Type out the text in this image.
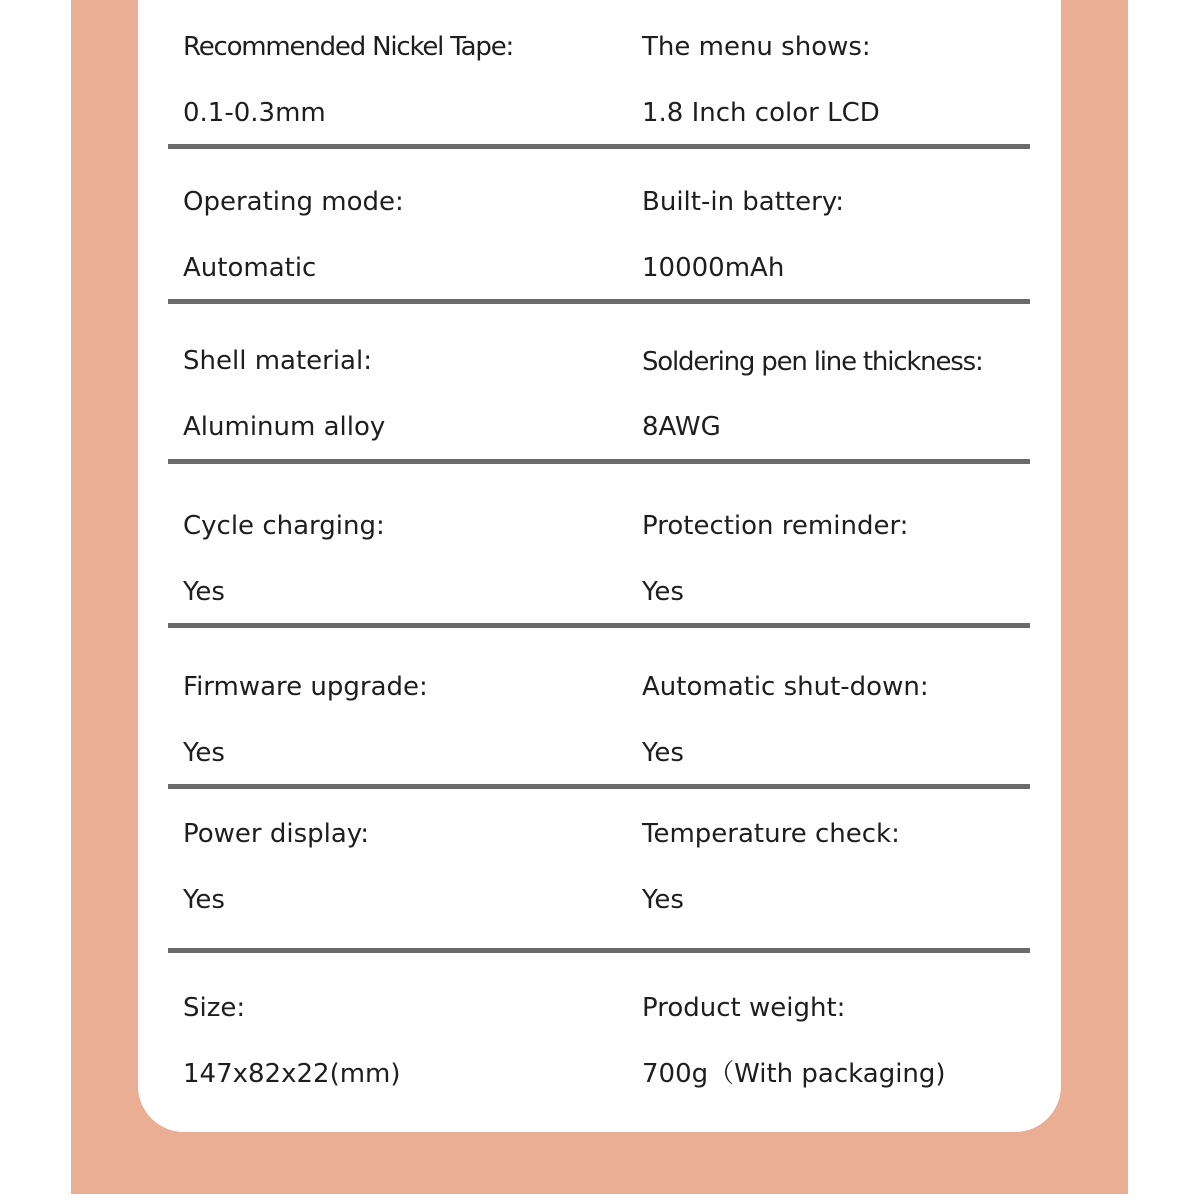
Recommended Nickel Tape:
0.1-0.3mm
The menu shows:
1.8 Inch color LCD
Operating mode:
Automatic
Built-in battery:
10000mAh
Shell material:
Aluminum alloy
Soldering pen line thickness:
8AWG
Cycle charging:
Yes
Protection reminder:
Yes
Firmware upgrade:
Yes
Automatic shut-down:
Yes
Power display:
Yes
Temperature check:
Yes
Size:
147x82x22(mm)
Product weight:
700g（With packaging)
